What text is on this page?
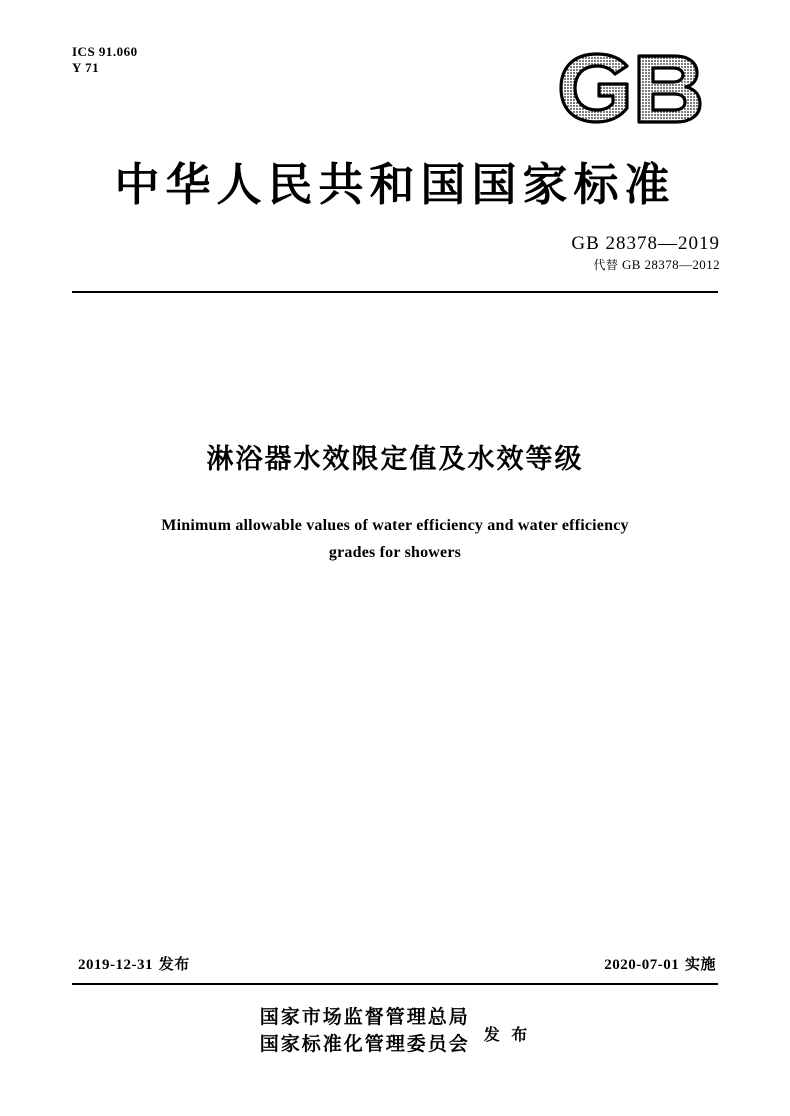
ICS 91.060
Y 71
中华人民共和国国家标准
GB 28378—2019
代替 GB 28378—2012
淋浴器水效限定值及水效等级
Minimum allowable values of water efficiency and water efficiency
grades for showers
2019-12-31 发布	2020-07-01 实施
国家市场监督管理总局
国家标准化管理委员会 发 布
